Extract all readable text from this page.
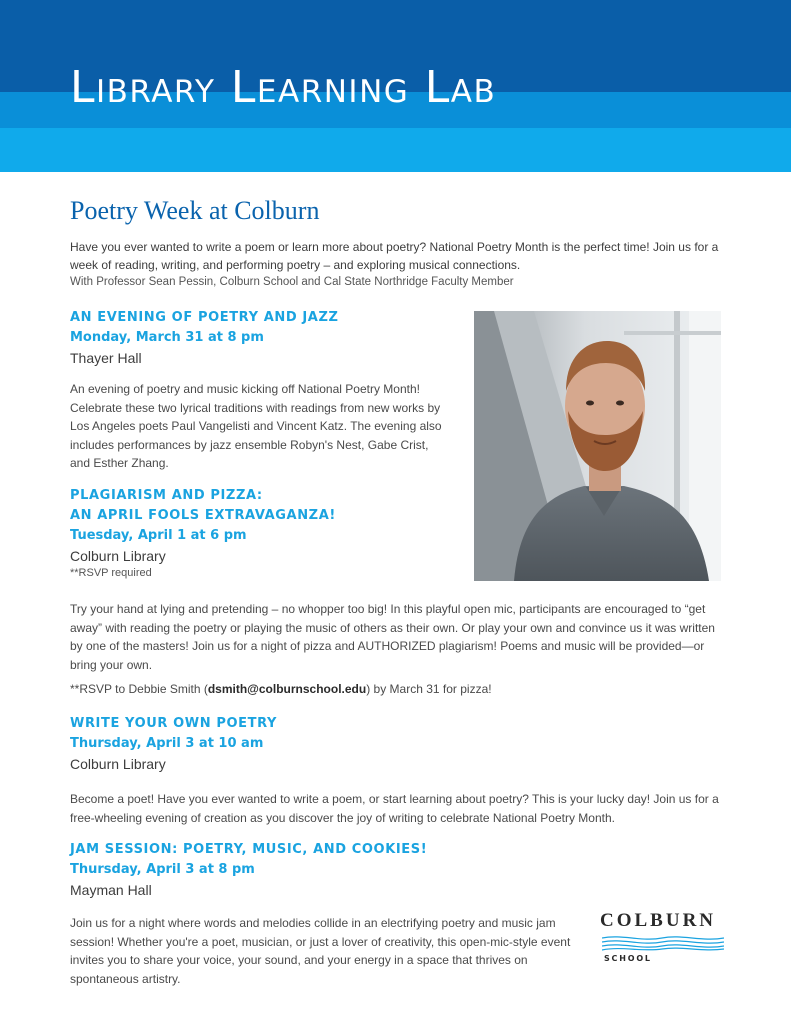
Library Learning Lab
Poetry Week at Colburn

Have you ever wanted to write a poem or learn more about poetry? National Poetry Month is the perfect time! Join us for a week of reading, writing, and performing poetry – and exploring musical connections.

With Professor Sean Pessin, Colburn School and Cal State Northridge Faculty Member

AN EVENING OF POETRY AND JAZZ

Monday, March 31 at 8 pm

Thayer Hall

An evening of poetry and music kicking off National Poetry Month! Celebrate these two lyrical traditions with readings from new works by Los Angeles poets Paul Vangelisti and Vincent Katz. The evening also includes performances by jazz ensemble Robyn's Nest, Gabe Crist, and Esther Zhang.

PLAGIARISM AND PIZZA:

AN APRIL FOOLS EXTRAVAGANZA!

Tuesday, April 1 at 6 pm

Colburn Library

**RSVP required

Try your hand at lying and pretending – no whopper too big! In this playful open mic, participants are encouraged to “get away” with reading the poetry or playing the music of others as their own. Or play your own and convince us it was written by one of the masters! Join us for a night of pizza and AUTHORIZED plagiarism! Poems and music will be provided—or bring your own.

**RSVP to Debbie Smith (dsmith@colburnschool.edu) by March 31 for pizza!

WRITE YOUR OWN POETRY

Thursday, April 3 at 10 am

Colburn Library

Become a poet! Have you ever wanted to write a poem, or start learning about poetry? This is your lucky day! Join us for a free-wheeling evening of creation as you discover the joy of writing to celebrate National Poetry Month.

JAM SESSION: POETRY, MUSIC, AND COOKIES!

Thursday, April 3 at 8 pm

Mayman Hall

Join us for a night where words and melodies collide in an electrifying poetry and music jam session! Whether you're a poet, musician, or just a lover of creativity, this open-mic-style event invites you to share your voice, your sound, and your energy in a space that thrives on spontaneous artistry.

COLBURN

SCHOOL
